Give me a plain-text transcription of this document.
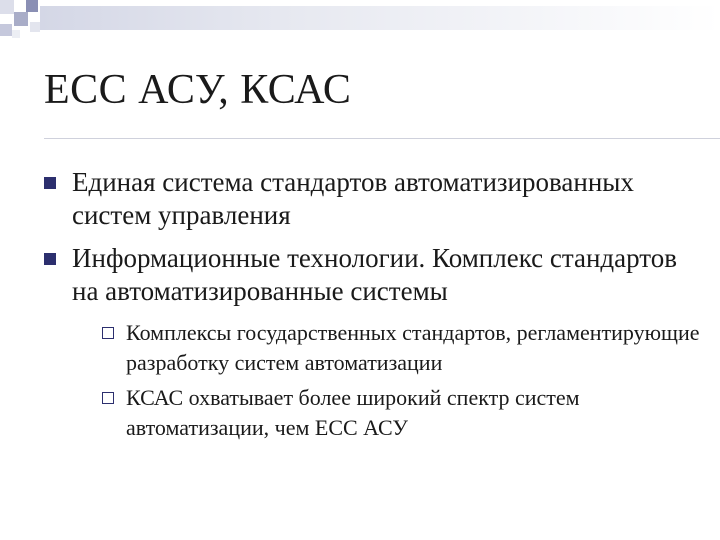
ЕСС АСУ, КСАС
Единая система стандартов автоматизированных систем управления
Информационные технологии. Комплекс стандартов на автоматизированные системы
Комплексы государственных стандартов, регламентирующие разработку систем автоматизации
КСАС охватывает более широкий спектр систем автоматизации, чем ЕСС АСУ
